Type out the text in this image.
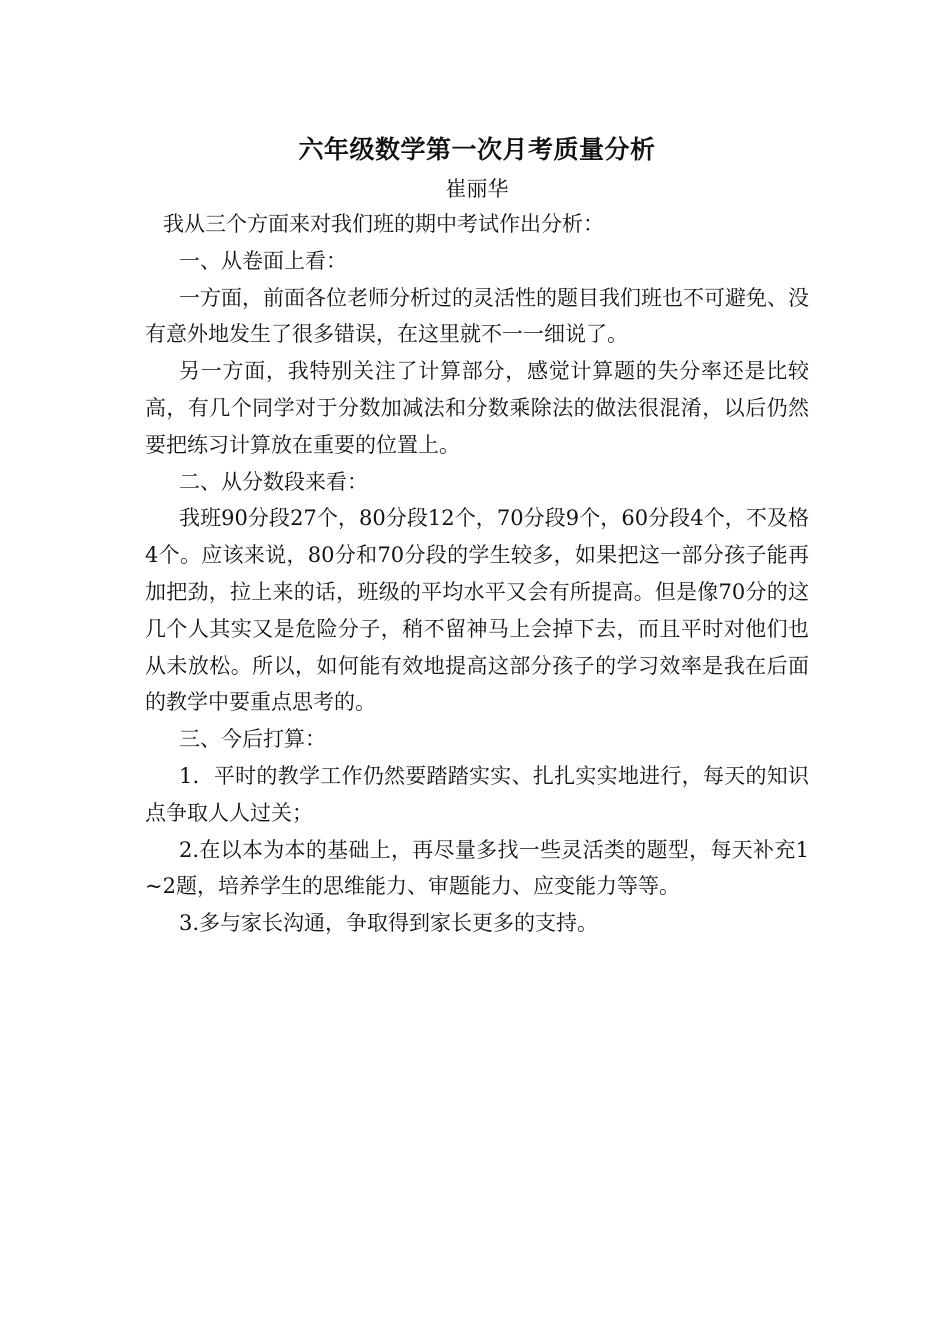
六年级数学第一次月考质量分析

崔丽华

我从三个方面来对我们班的期中考试作出分析：

一、从卷面上看：

一方面，前面各位老师分析过的灵活性的题目我们班也不可避免、没有意外地发生了很多错误，在这里就不一一细说了。

另一方面，我特别关注了计算部分，感觉计算题的失分率还是比较高，有几个同学对于分数加减法和分数乘除法的做法很混淆，以后仍然要把练习计算放在重要的位置上。

二、从分数段来看：

我班90分段27个，80分段12个，70分段9个，60分段4个，不及格4个。应该来说，80分和70分段的学生较多，如果把这一部分孩子能再加把劲，拉上来的话，班级的平均水平又会有所提高。但是像70分的这几个人其实又是危险分子，稍不留神马上会掉下去，而且平时对他们也从未放松。所以，如何能有效地提高这部分孩子的学习效率是我在后面的教学中要重点思考的。

三、今后打算：

1．平时的教学工作仍然要踏踏实实、扎扎实实地进行，每天的知识点争取人人过关；

2.在以本为本的基础上，再尽量多找一些灵活类的题型，每天补充1~2题，培养学生的思维能力、审题能力、应变能力等等。

3.多与家长沟通，争取得到家长更多的支持。
